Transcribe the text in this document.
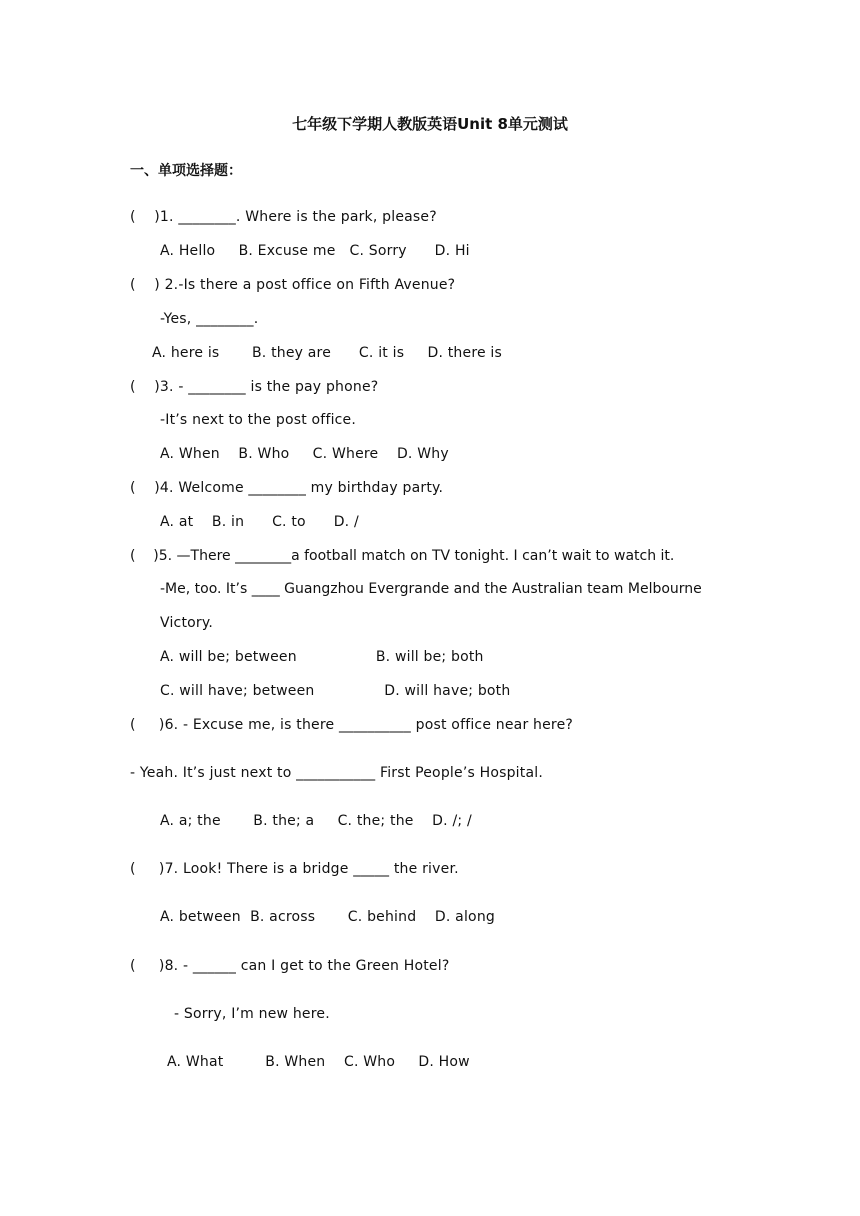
七年级下学期人教版英语Unit 8单元测试
一、单项选择题：
(    )1. ________. Where is the park, please?
A. Hello     B. Excuse me   C. Sorry      D. Hi
(    ) 2.-Is there a post office on Fifth Avenue?
-Yes, ________.
A. here is       B. they are      C. it is     D. there is
(    )3. - ________ is the pay phone?
-It’s next to the post office.
A. When    B. Who     C. Where    D. Why
(    )4. Welcome ________ my birthday party.
A. at    B. in      C. to      D. /
(    )5. —There ________a football match on TV tonight. I can’t wait to watch it.
-Me, too. It’s ____ Guangzhou Evergrande and the Australian team Melbourne
Victory.
A. will be; between                 B. will be; both
C. will have; between               D. will have; both
(     )6. - Excuse me, is there __________ post office near here?
- Yeah. It’s just next to ___________ First People’s Hospital.
A. a; the       B. the; a     C. the; the    D. /; /
(     )7. Look! There is a bridge _____ the river.
A. between  B. across       C. behind    D. along
(     )8. - ______ can I get to the Green Hotel?
- Sorry, I’m new here.
A. What         B. When    C. Who     D. How
